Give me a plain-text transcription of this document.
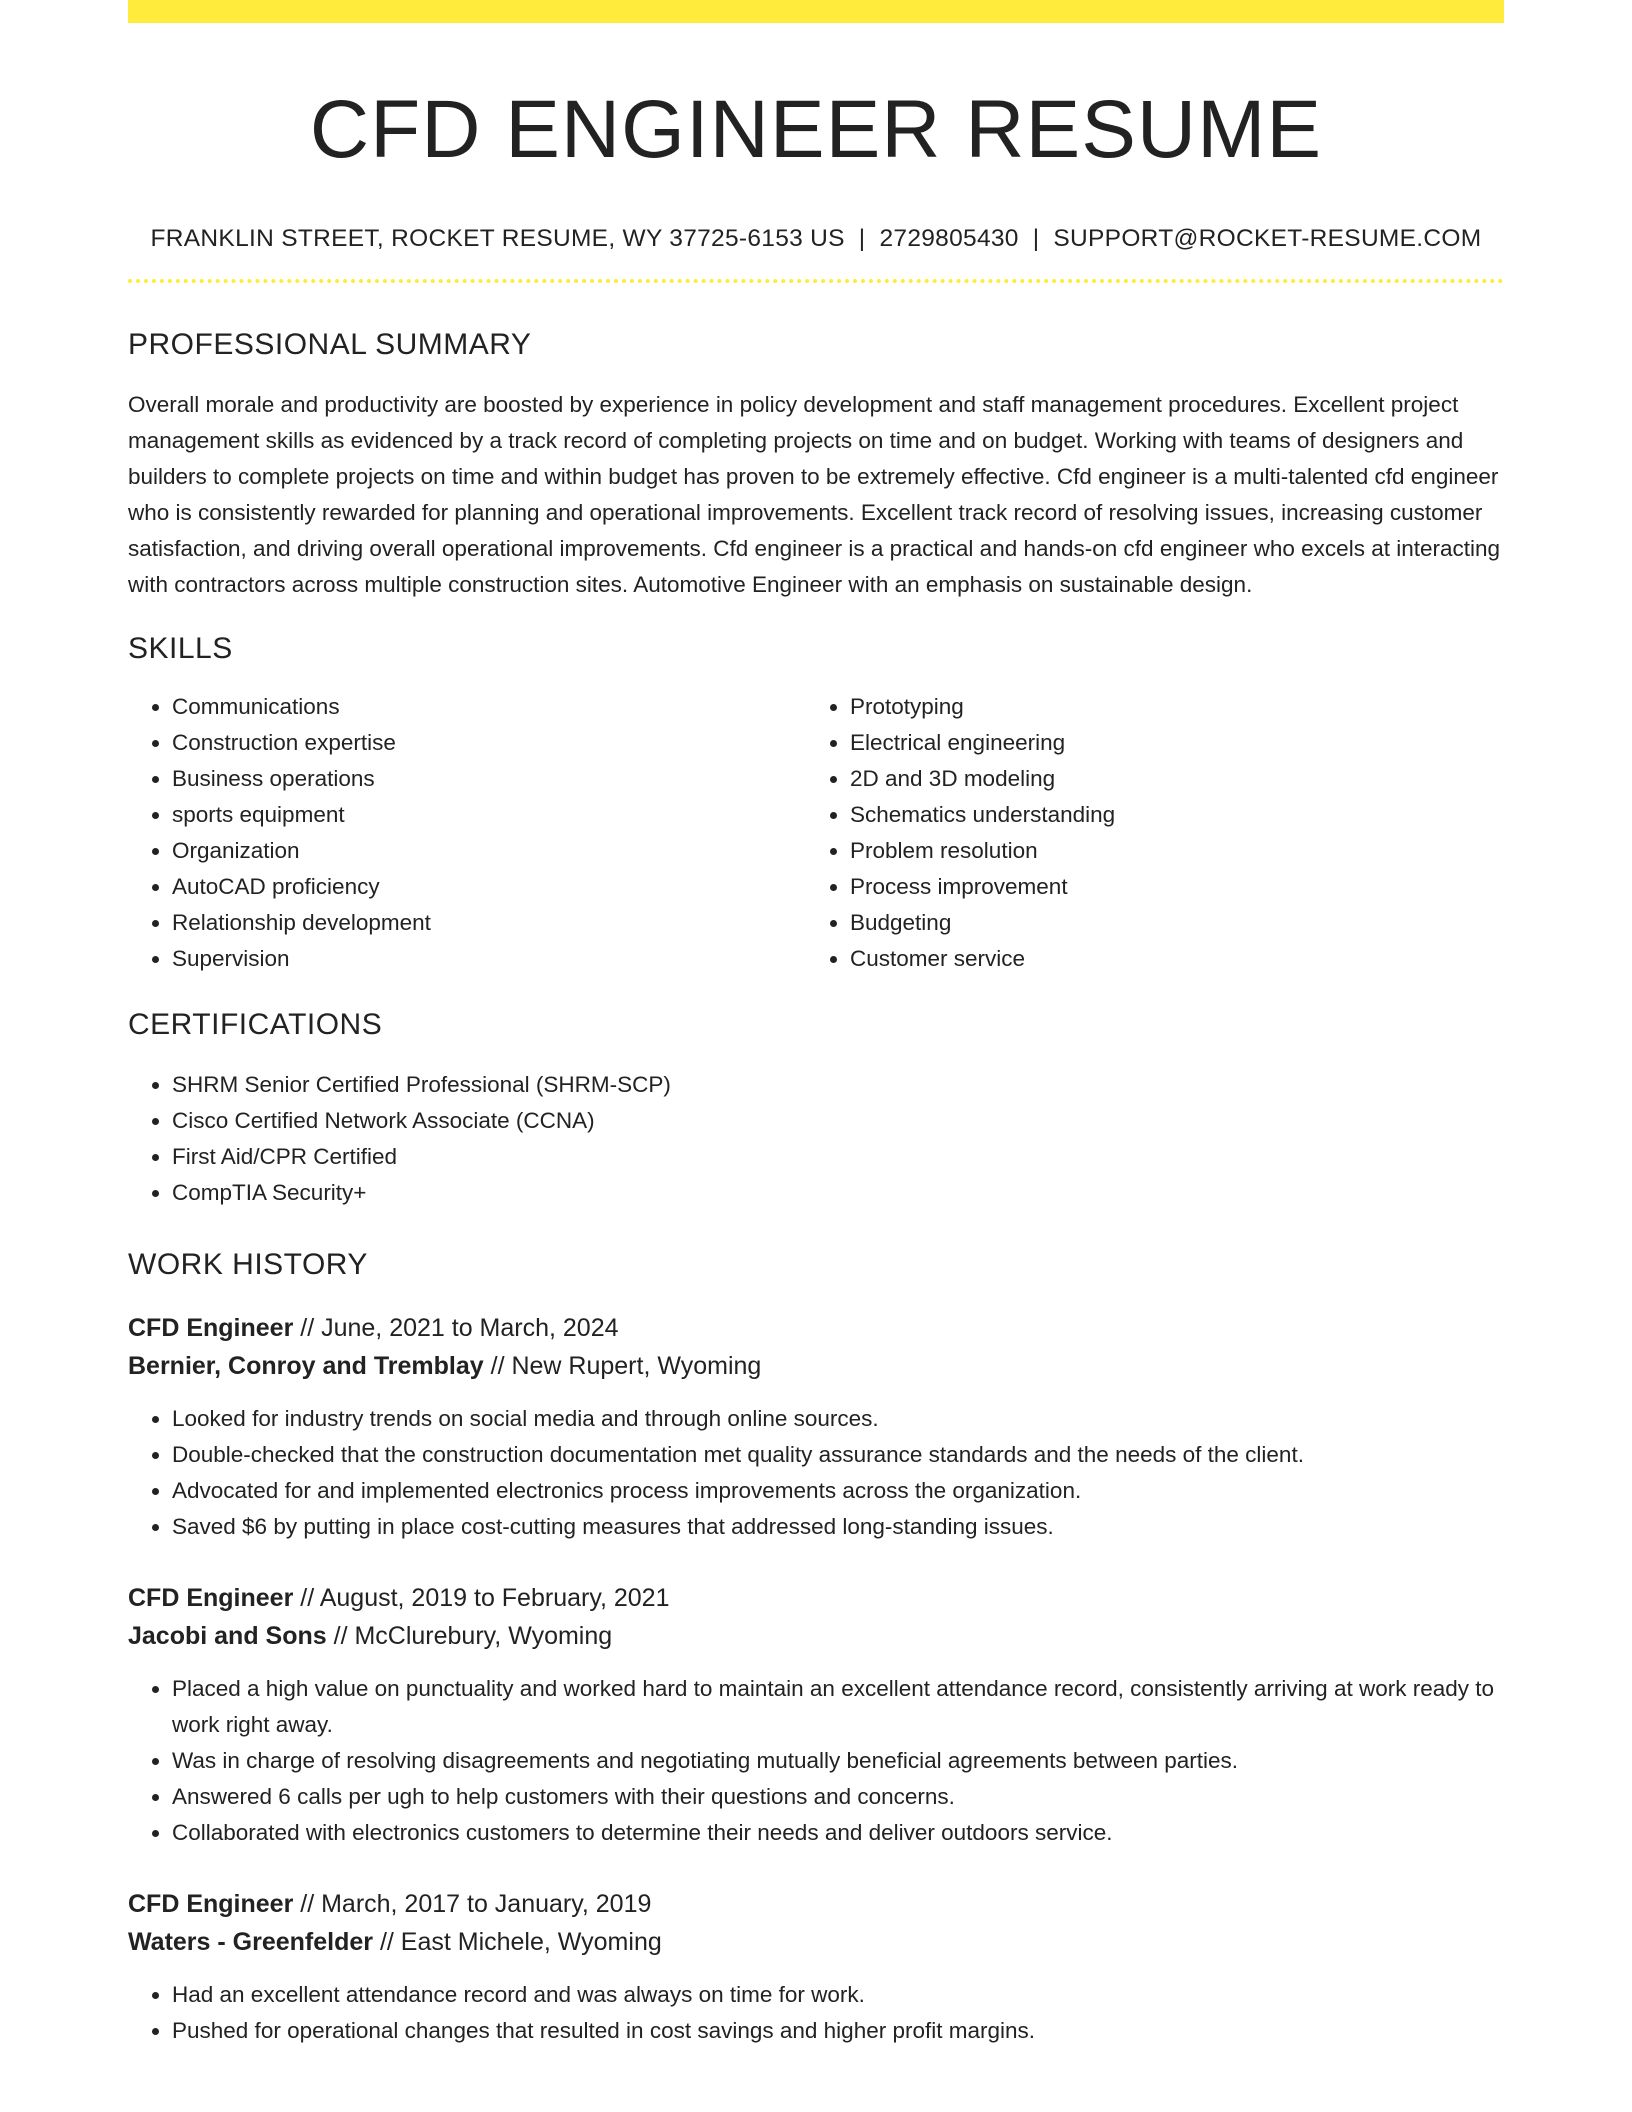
CFD ENGINEER RESUME
FRANKLIN STREET, ROCKET RESUME, WY 37725-6153 US | 2729805430 | SUPPORT@ROCKET-RESUME.COM
PROFESSIONAL SUMMARY

Overall morale and productivity are boosted by experience in policy development and staff management procedures. Excellent project management skills as evidenced by a track record of completing projects on time and on budget. Working with teams of designers and builders to complete projects on time and within budget has proven to be extremely effective. Cfd engineer is a multi-talented cfd engineer who is consistently rewarded for planning and operational improvements. Excellent track record of resolving issues, increasing customer satisfaction, and driving overall operational improvements. Cfd engineer is a practical and hands-on cfd engineer who excels at interacting with contractors across multiple construction sites. Automotive Engineer with an emphasis on sustainable design.

SKILLS
• Communications
• Construction expertise
• Business operations
• sports equipment
• Organization
• AutoCAD proficiency
• Relationship development
• Supervision
• Prototyping
• Electrical engineering
• 2D and 3D modeling
• Schematics understanding
• Problem resolution
• Process improvement
• Budgeting
• Customer service
CERTIFICATIONS
• SHRM Senior Certified Professional (SHRM-SCP)
• Cisco Certified Network Associate (CCNA)
• First Aid/CPR Certified
• CompTIA Security+
WORK HISTORY
CFD Engineer // June, 2021 to March, 2024
Bernier, Conroy and Tremblay // New Rupert, Wyoming
• Looked for industry trends on social media and through online sources.
• Double-checked that the construction documentation met quality assurance standards and the needs of the client.
• Advocated for and implemented electronics process improvements across the organization.
• Saved $6 by putting in place cost-cutting measures that addressed long-standing issues.
CFD Engineer // August, 2019 to February, 2021
Jacobi and Sons // McClurebury, Wyoming
• Placed a high value on punctuality and worked hard to maintain an excellent attendance record, consistently arriving at work ready to work right away.
• Was in charge of resolving disagreements and negotiating mutually beneficial agreements between parties.
• Answered 6 calls per ugh to help customers with their questions and concerns.
• Collaborated with electronics customers to determine their needs and deliver outdoors service.
CFD Engineer // March, 2017 to January, 2019
Waters - Greenfelder // East Michele, Wyoming
• Had an excellent attendance record and was always on time for work.
• Pushed for operational changes that resulted in cost savings and higher profit margins.
